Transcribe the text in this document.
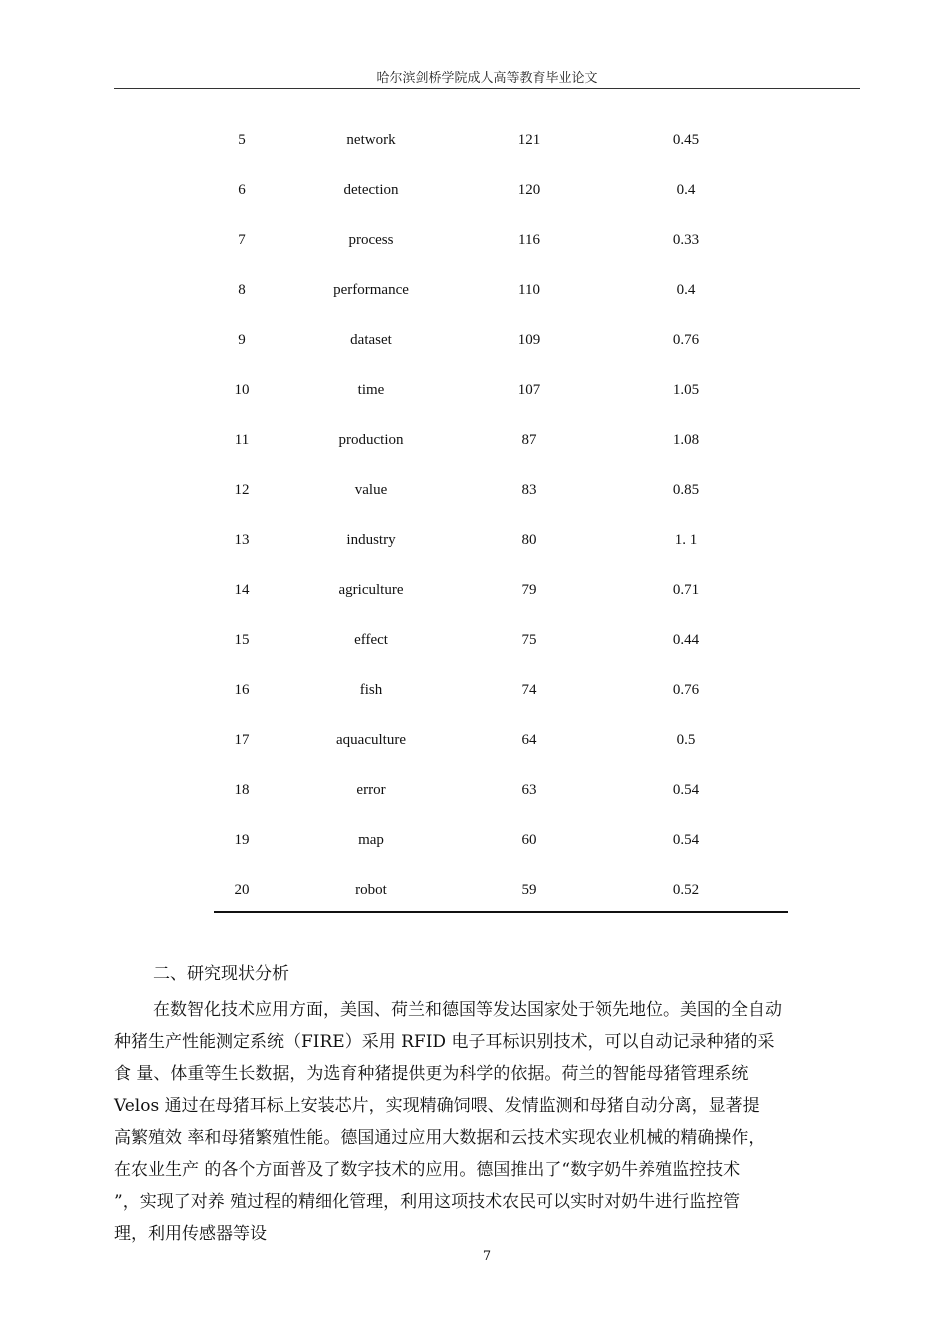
哈尔滨剑桥学院成人高等教育毕业论文
5	network	121	0.45
6	detection	120	0.4
7	process	116	0.33
8	performance	110	0.4
9	dataset	109	0.76
10	time	107	1.05
11	production	87	1.08
12	value	83	0.85
13	industry	80	1. 1
14	agriculture	79	0.71
15	effect	75	0.44
16	fish	74	0.76
17	aquaculture	64	0.5
18	error	63	0.54
19	map	60	0.54
20	robot	59	0.52
二、研究现状分析
在数智化技术应用方面，美国、荷兰和德国等发达国家处于领先地位。美国的全自动
种猪生产性能测定系统（FIRE）采用 RFID 电子耳标识别技术，可以自动记录种猪的采
食 量、体重等生长数据，为选育种猪提供更为科学的依据。荷兰的智能母猪管理系统
Velos 通过在母猪耳标上安装芯片，实现精确饲喂、发情监测和母猪自动分离，显著提
高繁殖效 率和母猪繁殖性能。德国通过应用大数据和云技术实现农业机械的精确操作，
在农业生产 的各个方面普及了数字技术的应用。德国推出了“数字奶牛养殖监控技术
”，实现了对养 殖过程的精细化管理，利用这项技术农民可以实时对奶牛进行监控管
理，利用传感器等设
7
